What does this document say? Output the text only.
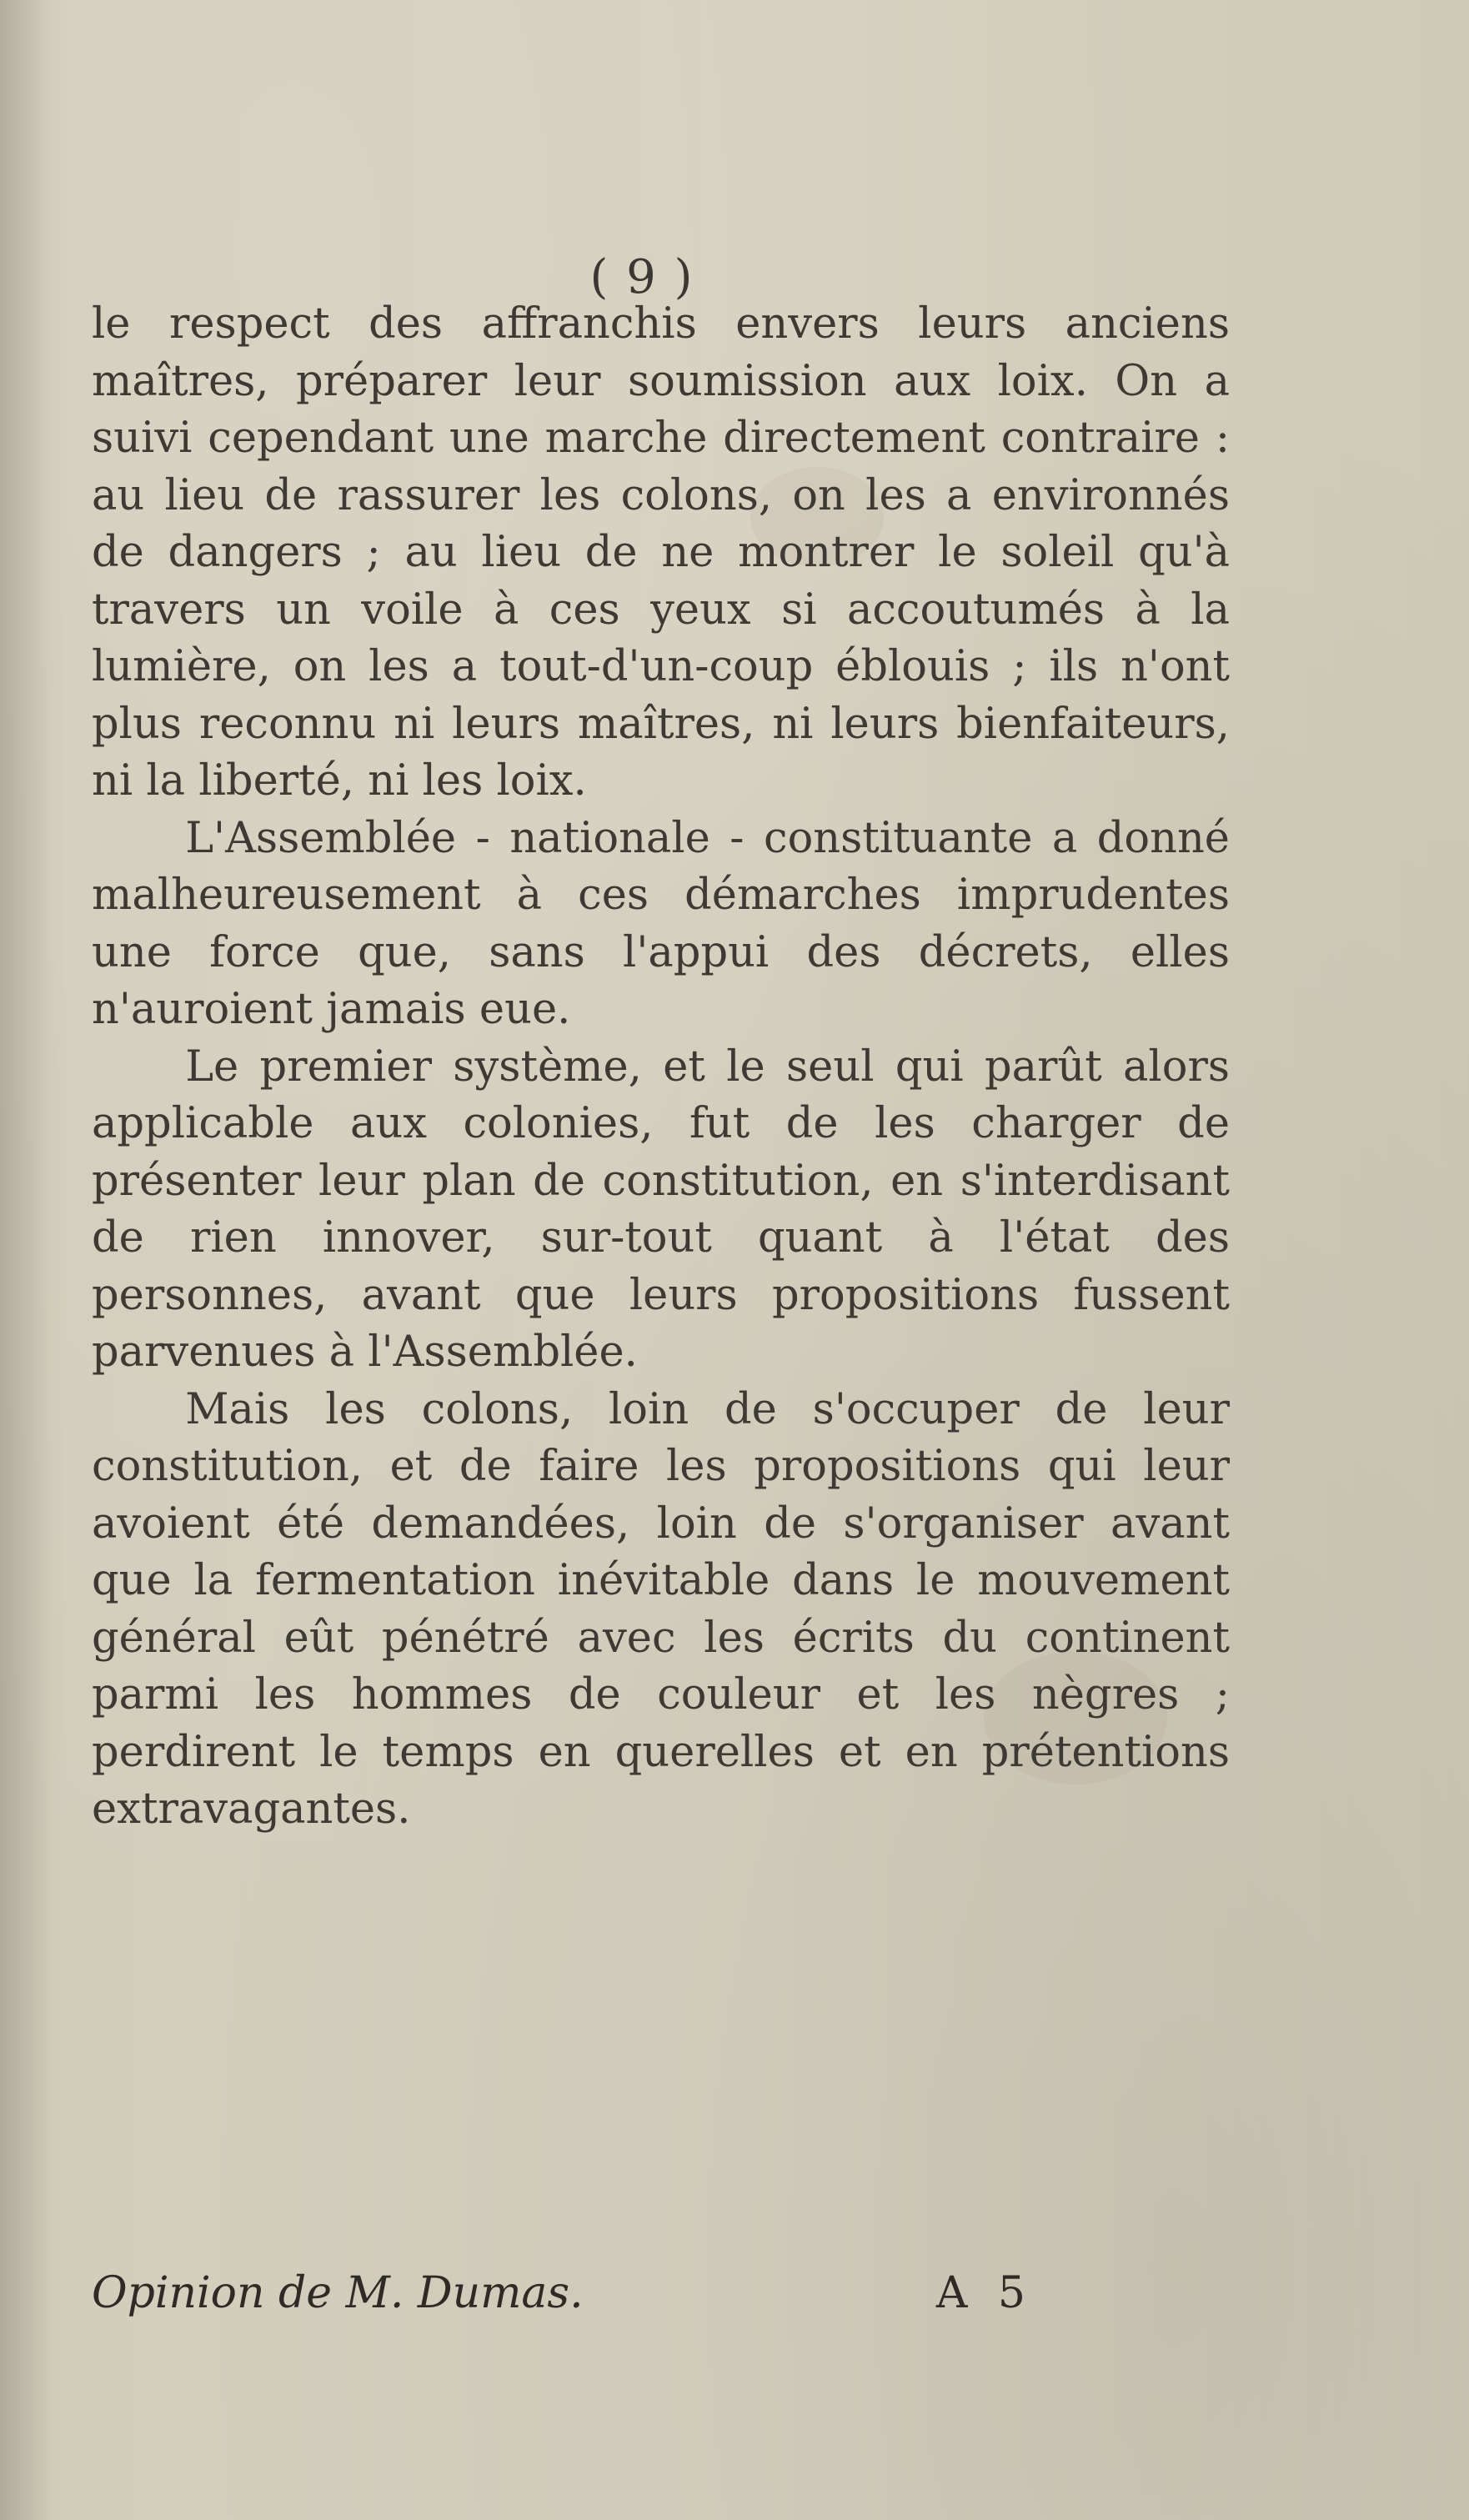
( 9 )

le respect des affranchis envers leurs anciens maîtres, préparer leur soumission aux loix. On a suivi cependant une marche directement contraire : au lieu de rassurer les colons, on les a environnés de dangers ; au lieu de ne montrer le soleil qu'à travers un voile à ces yeux si accoutumés à la lumière, on les a tout-d'un-coup éblouis ; ils n'ont plus reconnu ni leurs maîtres, ni leurs bienfaiteurs, ni la liberté, ni les loix.

L'Assemblée - nationale - constituante a donné malheureusement à ces démarches imprudentes une force que, sans l'appui des décrets, elles n'auroient jamais eue.

Le premier système, et le seul qui parût alors applicable aux colonies, fut de les charger de présenter leur plan de constitution, en s'interdisant de rien innover, sur-tout quant à l'état des personnes, avant que leurs propositions fussent parvenues à l'Assemblée.

Mais les colons, loin de s'occuper de leur constitution, et de faire les propositions qui leur avoient été demandées, loin de s'organiser avant que la fermentation inévitable dans le mouvement général eût pénétré avec les écrits du continent parmi les hommes de couleur et les nègres ; perdirent le temps en querelles et en prétentions extravagantes.

Opinion de M. Dumas.	A 5
